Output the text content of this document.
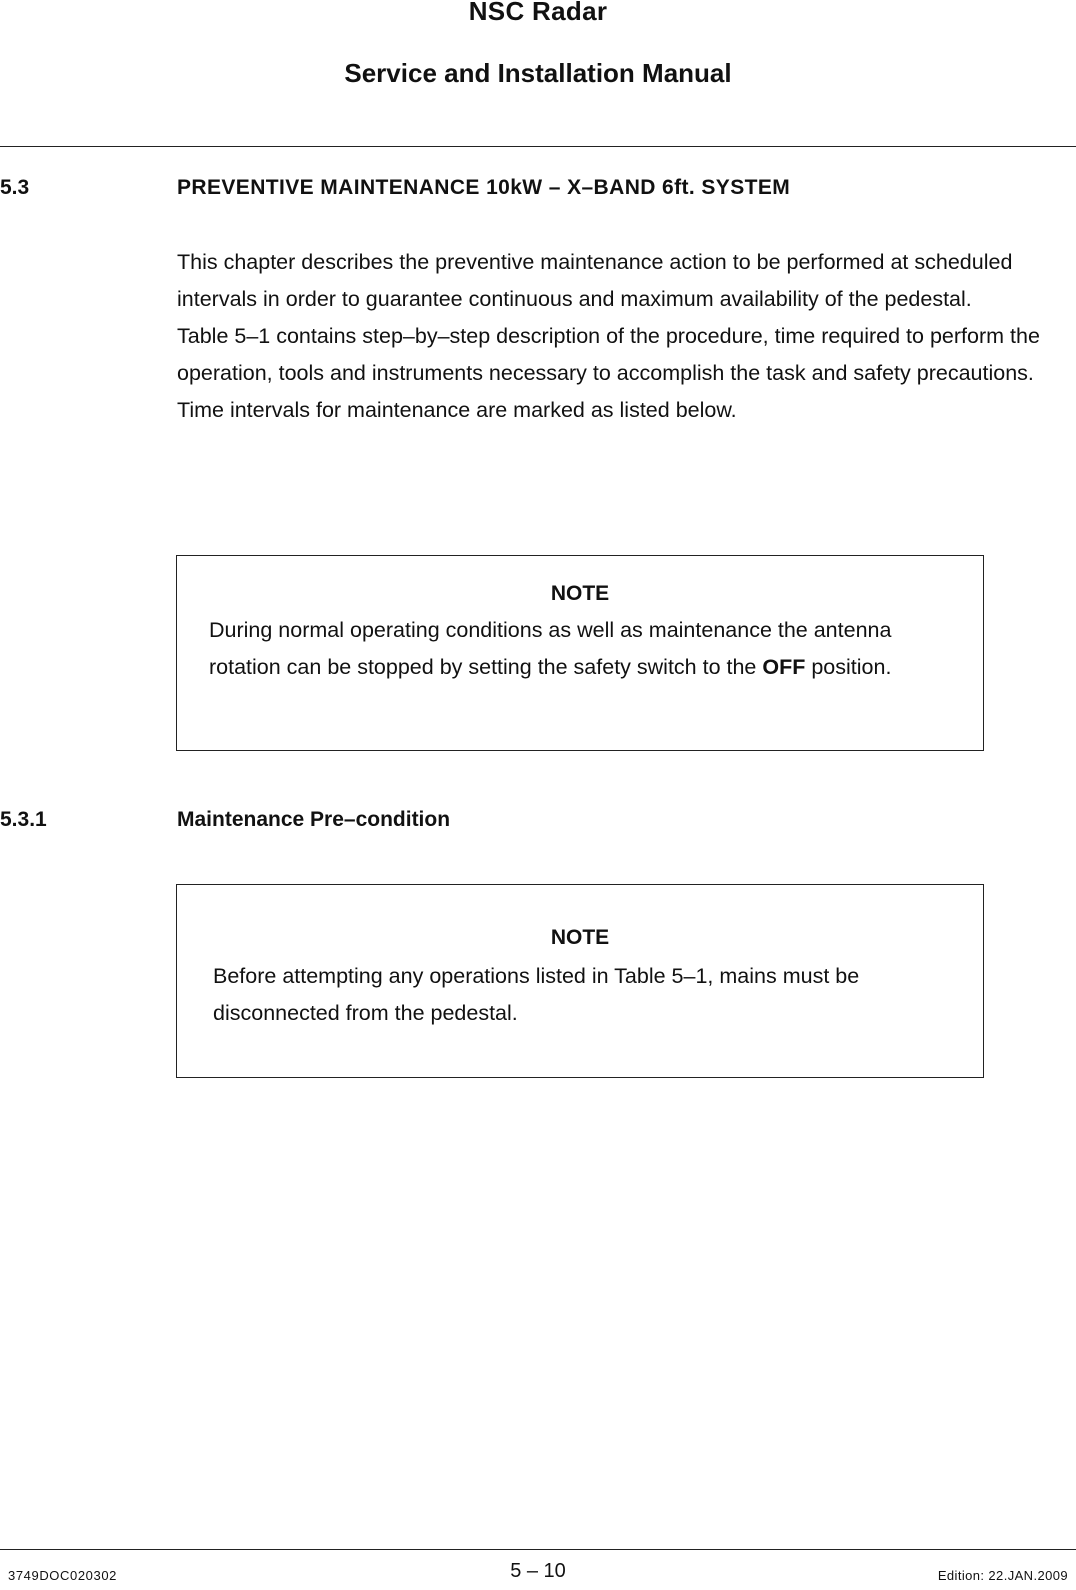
NSC Radar
Service and Installation Manual
5.3	PREVENTIVE MAINTENANCE 10kW – X–BAND 6ft. SYSTEM

This chapter describes the preventive maintenance action to be performed at scheduled intervals in order to guarantee continuous and maximum availability of the pedestal.

Table 5–1 contains step–by–step description of the procedure, time required to perform the operation, tools and instruments necessary to accomplish the task and safety precautions.

Time intervals for maintenance are marked as listed below.

NOTE
During normal operating conditions as well as maintenance the antenna rotation can be stopped by setting the safety switch to the OFF position.
5.3.1	Maintenance Pre–condition
NOTE
Before attempting any operations listed in Table 5–1, mains must be disconnected from the pedestal.
3749DOC020302	5 – 10	Edition: 22.JAN.2009
